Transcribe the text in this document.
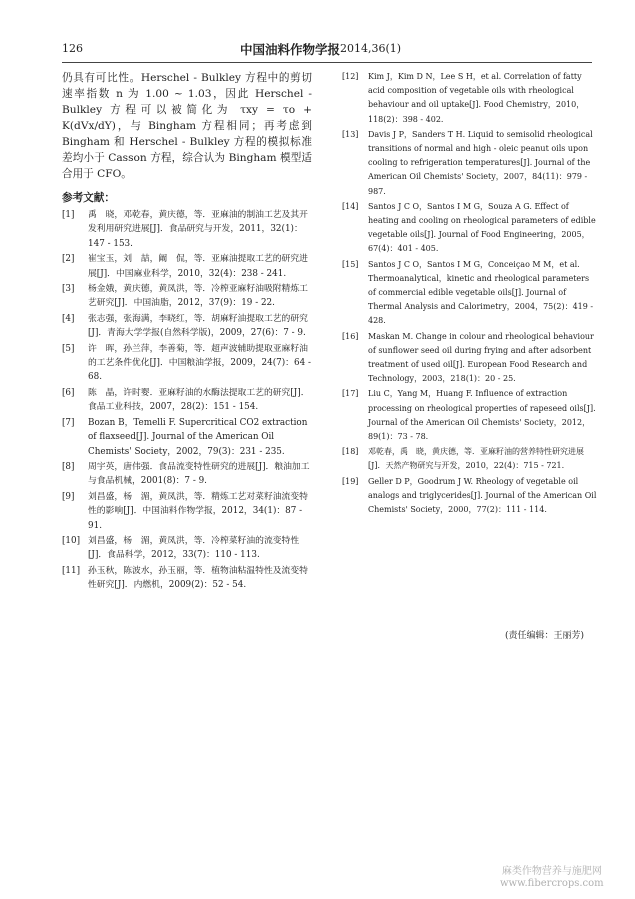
126	中国油料作物学报 2014,36(1)

仍具有可比性。Herschel - Bulkley 方程中的剪切速率指数 n 为 1.00 ~ 1.03，因此 Herschel - Bulkley 方程可以被简化为 τxy = τo + K(dVx/dY)，与 Bingham 方程相同；再考虑到 Bingham 和 Herschel - Bulkley 方程的模拟标准差均小于 Casson 方程，综合认为 Bingham 模型适合用于 CFO。

参考文献：
[1] 禹　晓，邓乾春，黄庆德，等．亚麻油的制油工艺及其开发利用研究进展[J]．食品研究与开发，2011，32(1)：147 - 153.
[2] 崔宝玉，刘　喆，阚　侃，等．亚麻油提取工艺的研究进展[J]．中国麻业科学，2010，32(4)：238 - 241.
[3] 杨金娥，黄庆德，黄凤洪，等．冷榨亚麻籽油吸附精炼工艺研究[J]．中国油脂，2012，37(9)：19 - 22.
[4] 张志强，张海满，李晓红，等．胡麻籽油提取工艺的研究[J]．青海大学学报(自然科学版)，2009，27(6)：7 - 9.
[5] 许　晖，孙兰萍，李善菊，等．超声波辅助提取亚麻籽油的工艺条件优化[J]．中国粮油学报，2009，24(7)：64 - 68.
[6] 陈　晶，许时婴．亚麻籽油的水酶法提取工艺的研究[J]．食品工业科技，2007，28(2)：151 - 154.
[7] Bozan B，Temelli F. Supercritical CO2 extraction of flaxseed[J]. Journal of the American Oil Chemists' Society，2002，79(3)：231 - 235.
[8] 周宇英，唐伟强．食品流变特性研究的进展[J]．粮油加工与食品机械，2001(8)：7 - 9.
[9] 刘昌盛，杨　湄，黄凤洪，等．精炼工艺对菜籽油流变特性的影响[J]．中国油料作物学报，2012，34(1)：87 - 91.
[10] 刘昌盛，杨　湄，黄凤洪，等．冷榨菜籽油的流变特性[J]．食品科学，2012，33(7)：110 - 113.
[11] 孙玉秋，陈波水，孙玉丽，等．植物油粘温特性及流变特性研究[J]．内燃机，2009(2)：52 - 54.
[12] Kim J，Kim D N，Lee S H，et al. Correlation of fatty acid composition of vegetable oils with rheological behaviour and oil uptake[J]. Food Chemistry，2010，118(2)：398 - 402.
[13] Davis J P，Sanders T H. Liquid to semisolid rheological transitions of normal and high - oleic peanut oils upon cooling to refrigeration temperatures[J]. Journal of the American Oil Chemists' Society，2007，84(11)：979 - 987.
[14] Santos J C O，Santos I M G，Souza A G. Effect of heating and cooling on rheological parameters of edible vegetable oils[J]. Journal of Food Engineering，2005，67(4)：401 - 405.
[15] Santos J C O，Santos I M G，Conceiçao M M，et al. Thermoanalytical，kinetic and rheological parameters of commercial edible vegetable oils[J]. Journal of Thermal Analysis and Calorimetry，2004，75(2)：419 - 428.
[16] Maskan M. Change in colour and rheological behaviour of sunflower seed oil during frying and after adsorbent treatment of used oil[J]. European Food Research and Technology，2003，218(1)：20 - 25.
[17] Liu C，Yang M，Huang F. Influence of extraction processing on rheological properties of rapeseed oils[J]. Journal of the American Oil Chemists' Society，2012，89(1)：73 - 78.
[18] 邓乾春，禹　晓，黄庆德，等．亚麻籽油的营养特性研究进展[J]．天然产物研究与开发，2010，22(4)：715 - 721.
[19] Geller D P，Goodrum J W. Rheology of vegetable oil analogs and triglycerides[J]. Journal of the American Oil Chemists' Society，2000，77(2)：111 - 114.
(责任编辑：王丽芳)
麻类作物营养与施肥网
www.fibercrops.com
